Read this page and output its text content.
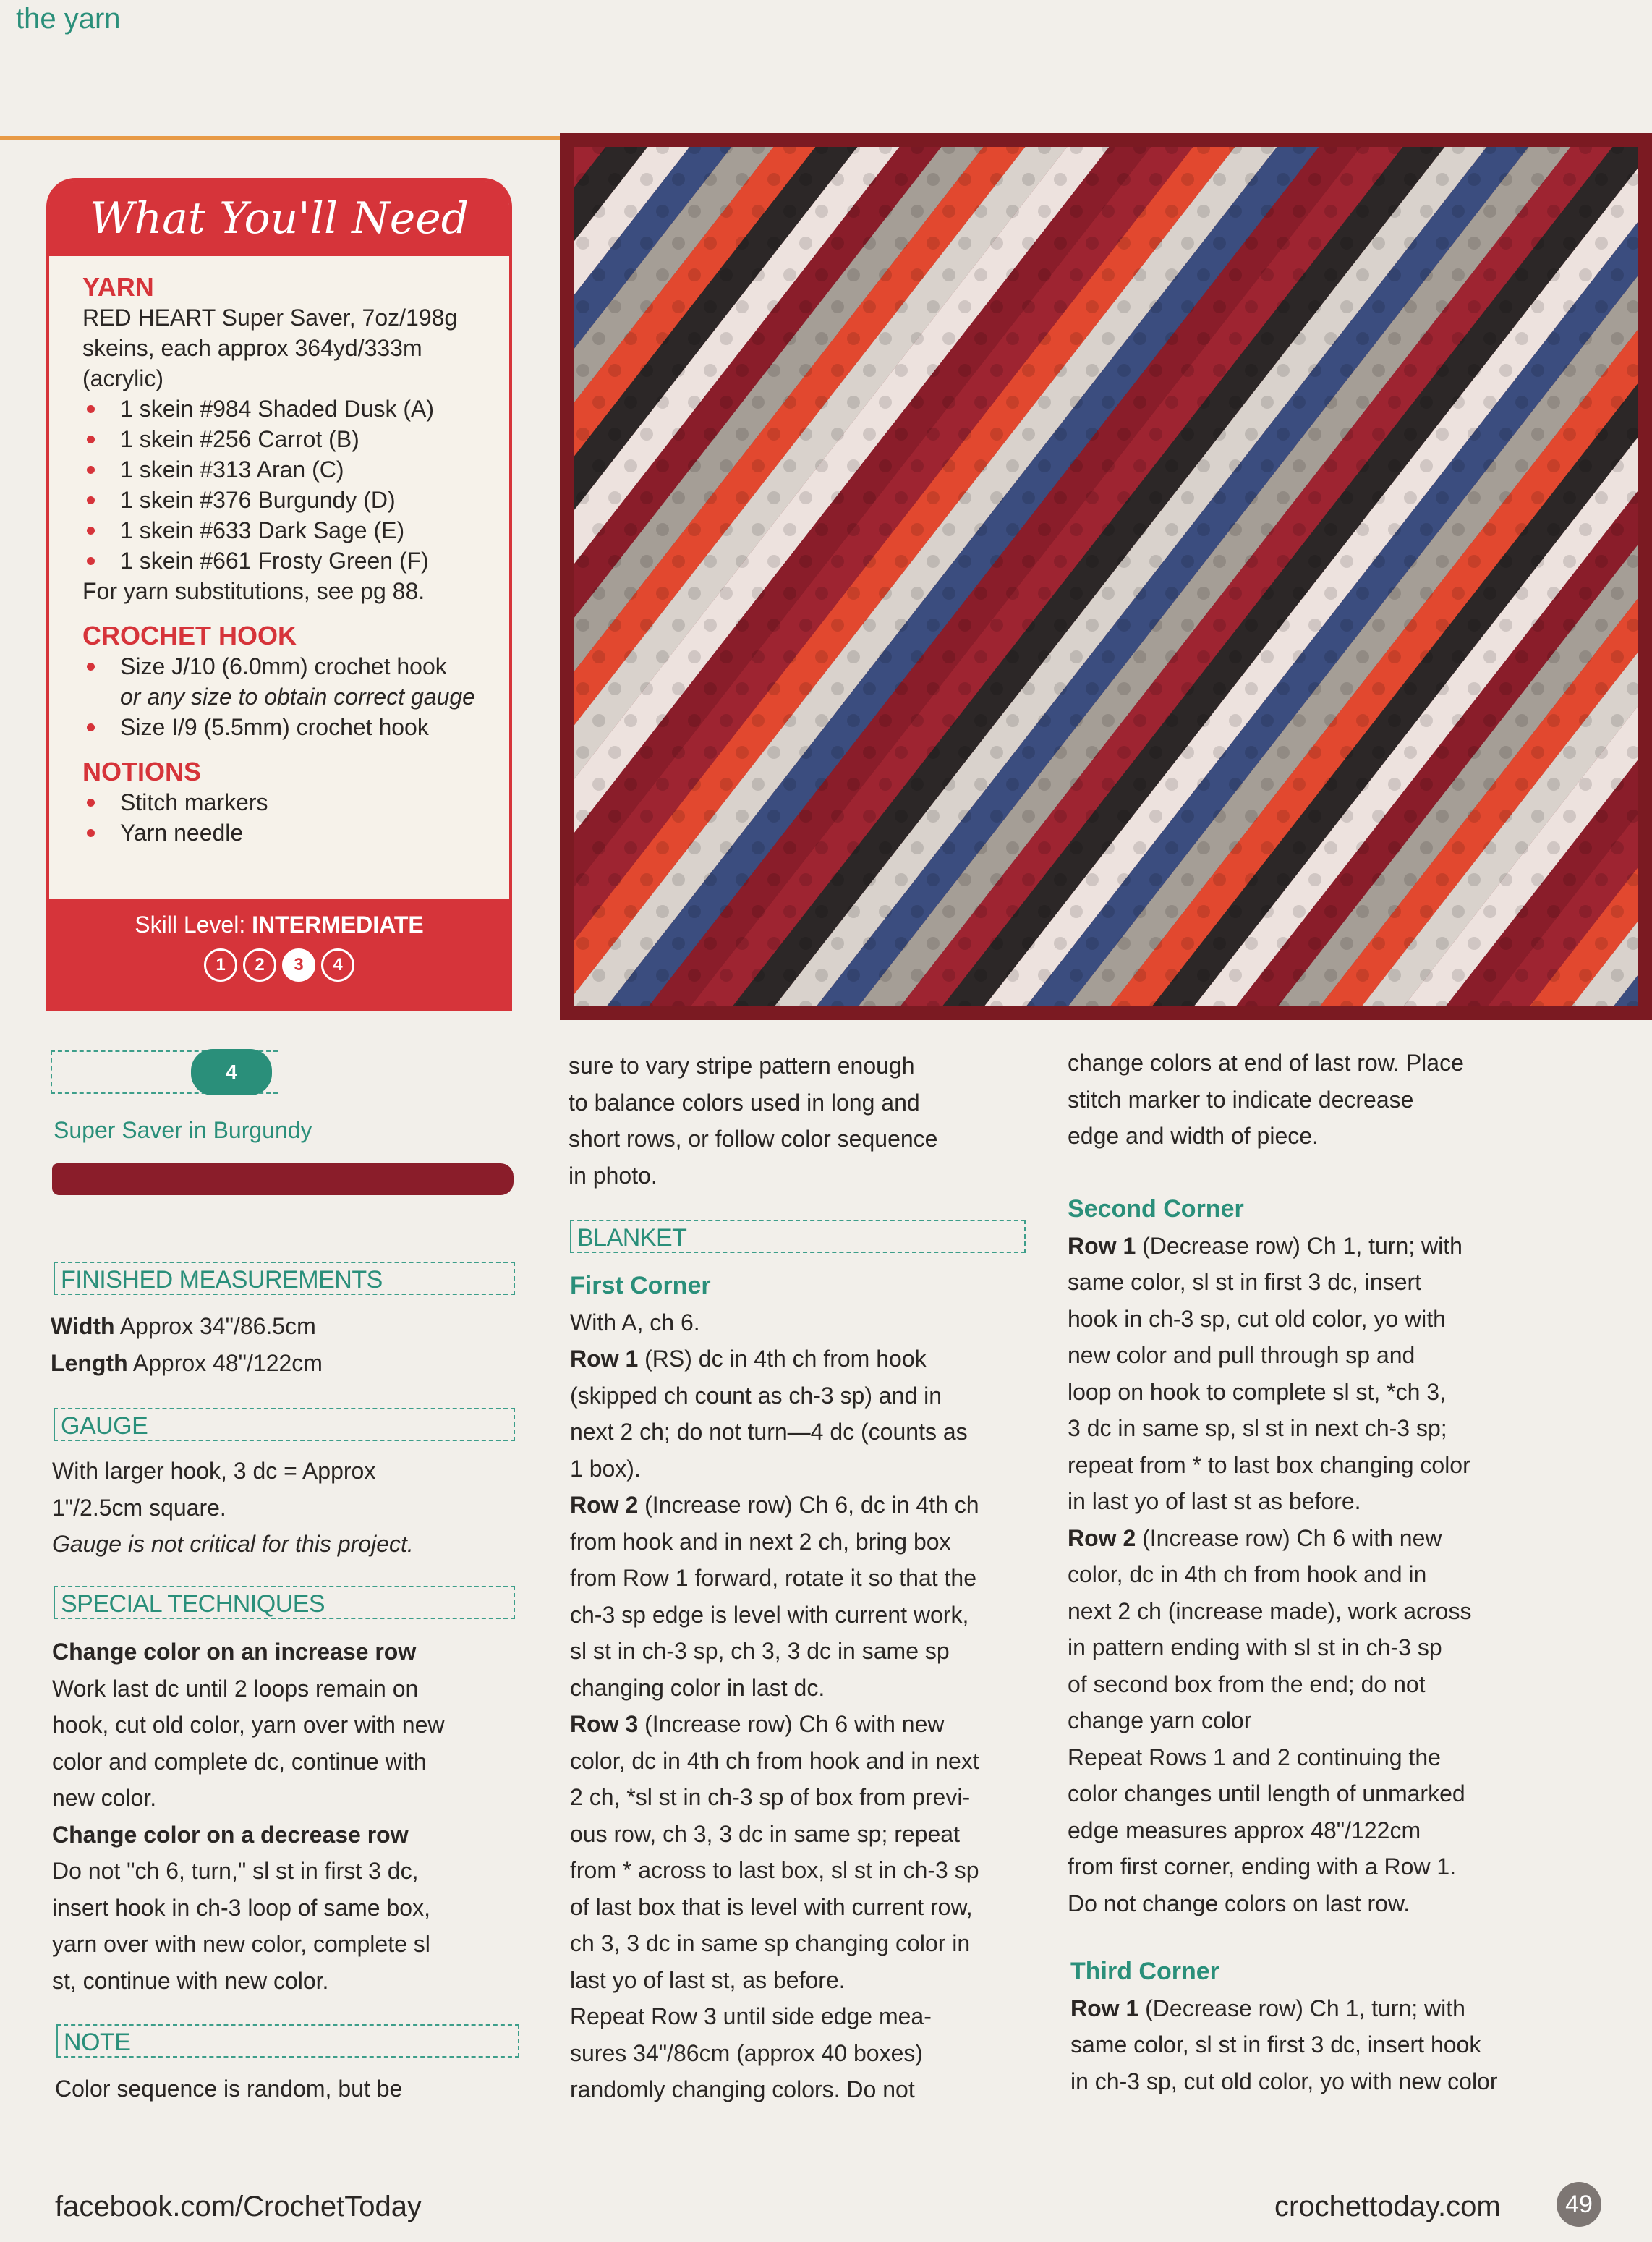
What You'll Need
YARN
RED HEART Super Saver, 7oz/198g
skeins, each approx 364yd/333m
(acrylic)
1 skein #984 Shaded Dusk (A)
1 skein #256 Carrot (B)
1 skein #313 Aran (C)
1 skein #376 Burgundy (D)
1 skein #633 Dark Sage (E)
1 skein #661 Frosty Green (F)
For yarn substitutions, see pg 88.
CROCHET HOOK
Size J/10 (6.0mm) crochet hook
or any size to obtain correct gauge
Size I/9 (5.5mm) crochet hook
NOTIONS
Stitch markers
Yarn needle
Skill Level: INTERMEDIATE
1	2	3	4
the yarn
4
Super Saver in Burgundy
FINISHED MEASUREMENTS
Width Approx 34"/86.5cm
Length Approx 48"/122cm
GAUGE
With larger hook, 3 dc = Approx
1"/2.5cm square.
Gauge is not critical for this project.
SPECIAL TECHNIQUES
Change color on an increase row
Work last dc until 2 loops remain on
hook, cut old color, yarn over with new
color and complete dc, continue with
new color.
Change color on a decrease row
Do not "ch 6, turn," sl st in first 3 dc,
insert hook in ch-3 loop of same box,
yarn over with new color, complete sl
st, continue with new color.
NOTE
Color sequence is random, but be
sure to vary stripe pattern enough
to balance colors used in long and
short rows, or follow color sequence
in photo.
BLANKET
First Corner
With A, ch 6.
Row 1 (RS) dc in 4th ch from hook
(skipped ch count as ch-3 sp) and in
next 2 ch; do not turn—4 dc (counts as
1 box).
Row 2 (Increase row) Ch 6, dc in 4th ch
from hook and in next 2 ch, bring box
from Row 1 forward, rotate it so that the
ch-3 sp edge is level with current work,
sl st in ch-3 sp, ch 3, 3 dc in same sp
changing color in last dc.
Row 3 (Increase row) Ch 6 with new
color, dc in 4th ch from hook and in next
2 ch, *sl st in ch-3 sp of box from previ-
ous row, ch 3, 3 dc in same sp; repeat
from * across to last box, sl st in ch-3 sp
of last box that is level with current row,
ch 3, 3 dc in same sp changing color in
last yo of last st, as before.
Repeat Row 3 until side edge mea-
sures 34"/86cm (approx 40 boxes)
randomly changing colors. Do not
change colors at end of last row. Place
stitch marker to indicate decrease
edge and width of piece.
Second Corner
Row 1 (Decrease row) Ch 1, turn; with
same color, sl st in first 3 dc, insert
hook in ch-3 sp, cut old color, yo with
new color and pull through sp and
loop on hook to complete sl st, *ch 3,
3 dc in same sp, sl st in next ch-3 sp;
repeat from * to last box changing color
in last yo of last st as before.
Row 2 (Increase row) Ch 6 with new
color, dc in 4th ch from hook and in
next 2 ch (increase made), work across
in pattern ending with sl st in ch-3 sp
of second box from the end; do not
change yarn color
Repeat Rows 1 and 2 continuing the
color changes until length of unmarked
edge measures approx 48"/122cm
from first corner, ending with a Row 1.
Do not change colors on last row.
Third Corner
Row 1 (Decrease row) Ch 1, turn; with
same color, sl st in first 3 dc, insert hook
in ch-3 sp, cut old color, yo with new color
facebook.com/CrochetToday	crochettoday.com	49
